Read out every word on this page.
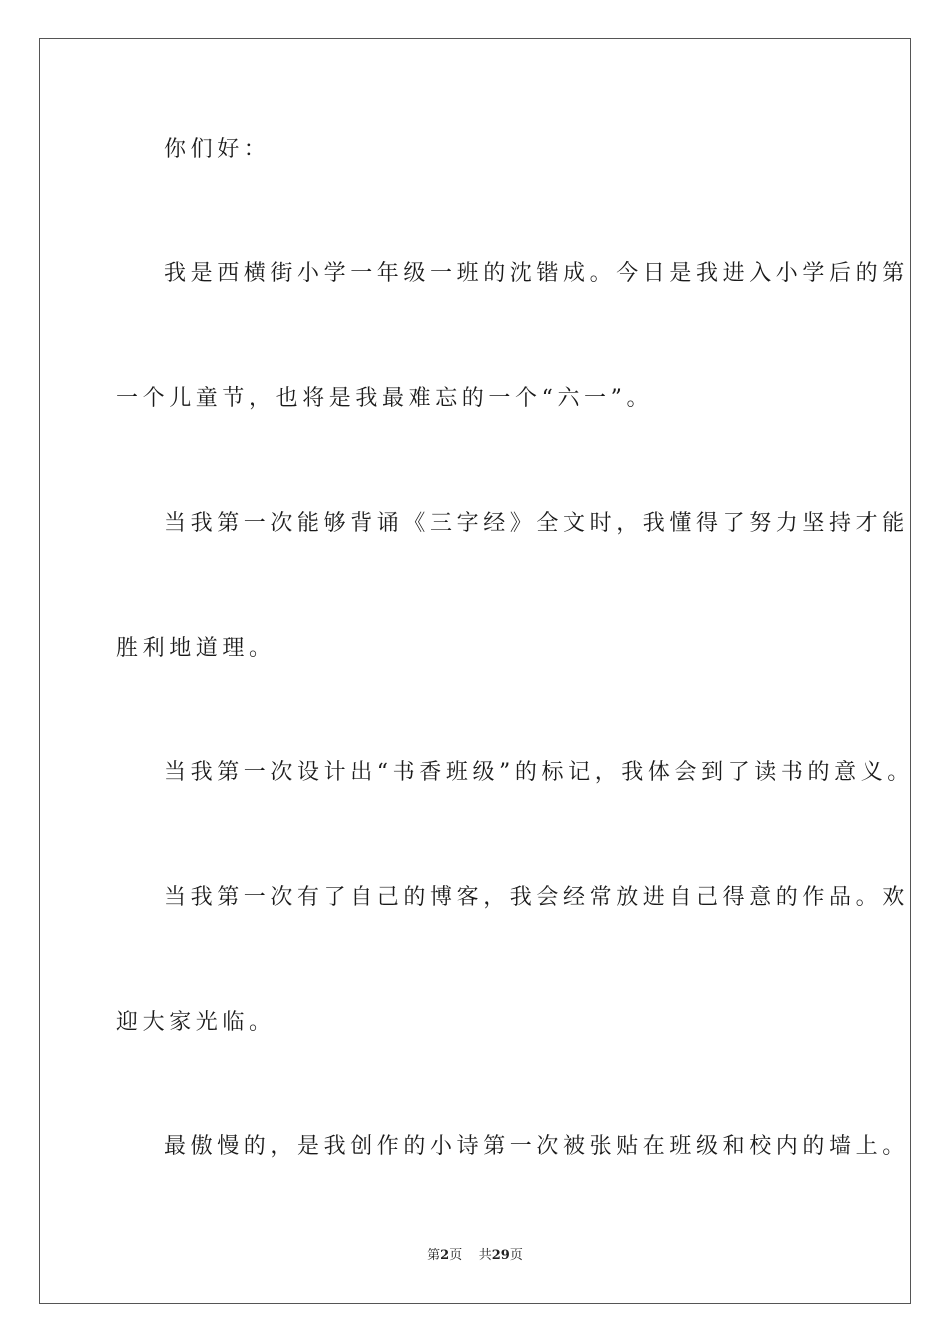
你们好：

我是西横街小学一年级一班的沈锴成。今日是我进入小学后的第

一个儿童节，也将是我最难忘的一个“六一”。

当我第一次能够背诵《三字经》全文时，我懂得了努力坚持才能

胜利地道理。

当我第一次设计出“书香班级”的标记，我体会到了读书的意义。

当我第一次有了自己的博客，我会经常放进自己得意的作品。欢

迎大家光临。

最傲慢的，是我创作的小诗第一次被张贴在班级和校内的墙上。

第2页 共29页
